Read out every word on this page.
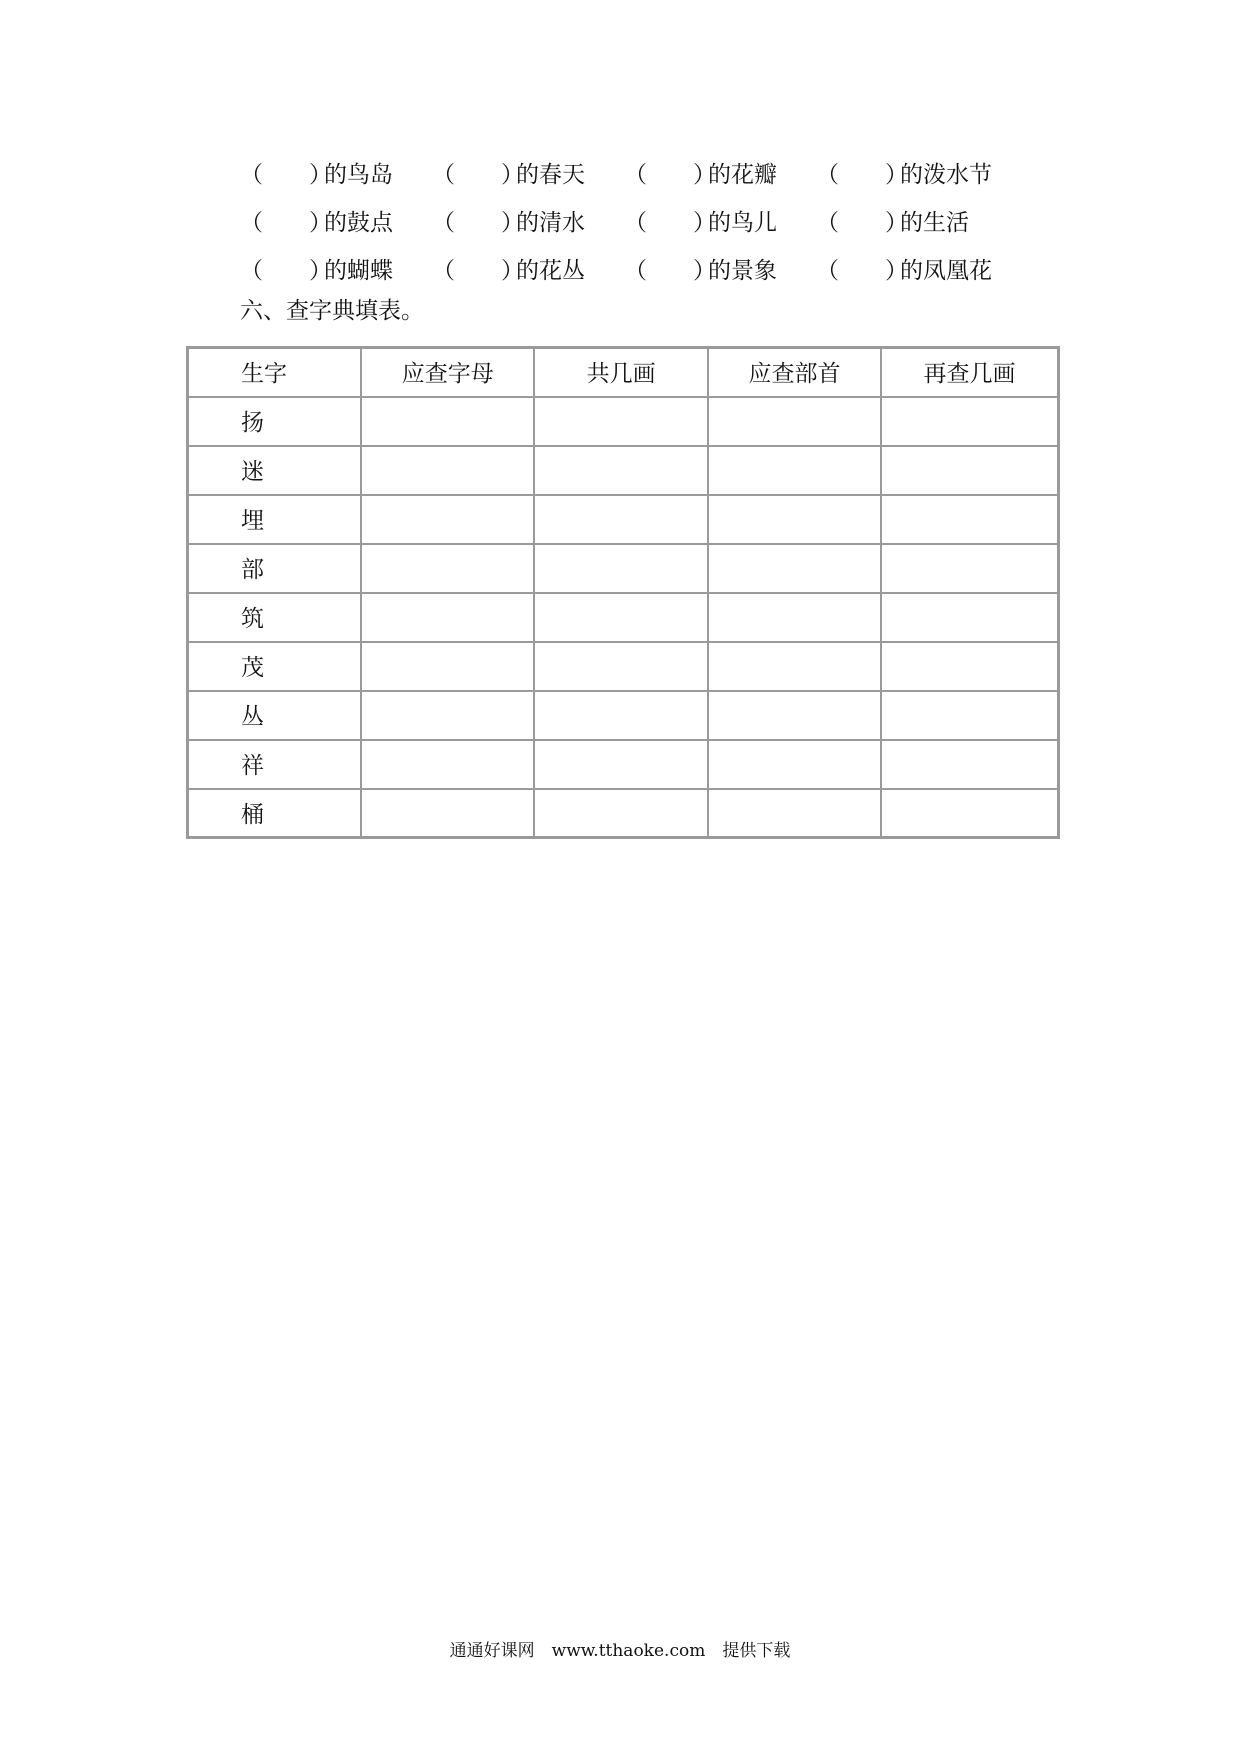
（　　）的鸟岛	（　　）的春天	（　　）的花瓣	（　　）的泼水节
（　　）的鼓点	（　　）的清水	（　　）的鸟儿	（　　）的生活
（　　）的蝴蝶	（　　）的花丛	（　　）的景象	（　　）的凤凰花
六、查字典填表。
生字	应查字母	共几画	应查部首	再查几画
扬				
迷				
埋				
部				
筑				
茂				
丛				
祥				
桶				
通通好课网　www.tthaoke.com　提供下载
